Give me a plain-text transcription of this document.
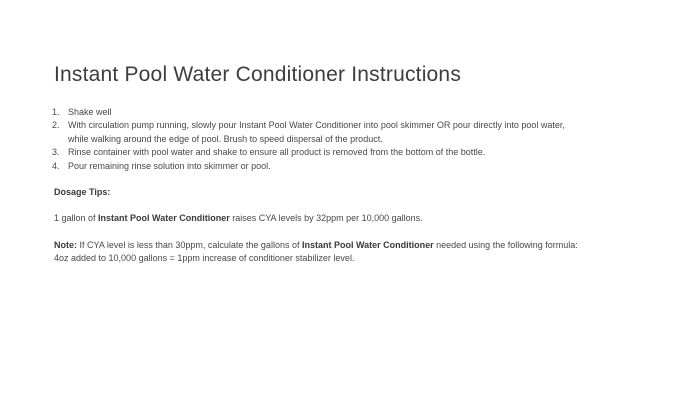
Instant Pool Water Conditioner Instructions
1. Shake well
2. With circulation pump running, slowly pour Instant Pool Water Conditioner into pool skimmer OR pour directly into pool water, while walking around the edge of pool. Brush to speed dispersal of the product.
3. Rinse container with pool water and shake to ensure all product is removed from the bottom of the bottle.
4. Pour remaining rinse solution into skimmer or pool.

Dosage Tips:

1 gallon of Instant Pool Water Conditioner raises CYA levels by 32ppm per 10,000 gallons.

Note: If CYA level is less than 30ppm, calculate the gallons of Instant Pool Water Conditioner needed using the following formula: 4oz added to 10,000 gallons = 1ppm increase of conditioner stabilizer level.
